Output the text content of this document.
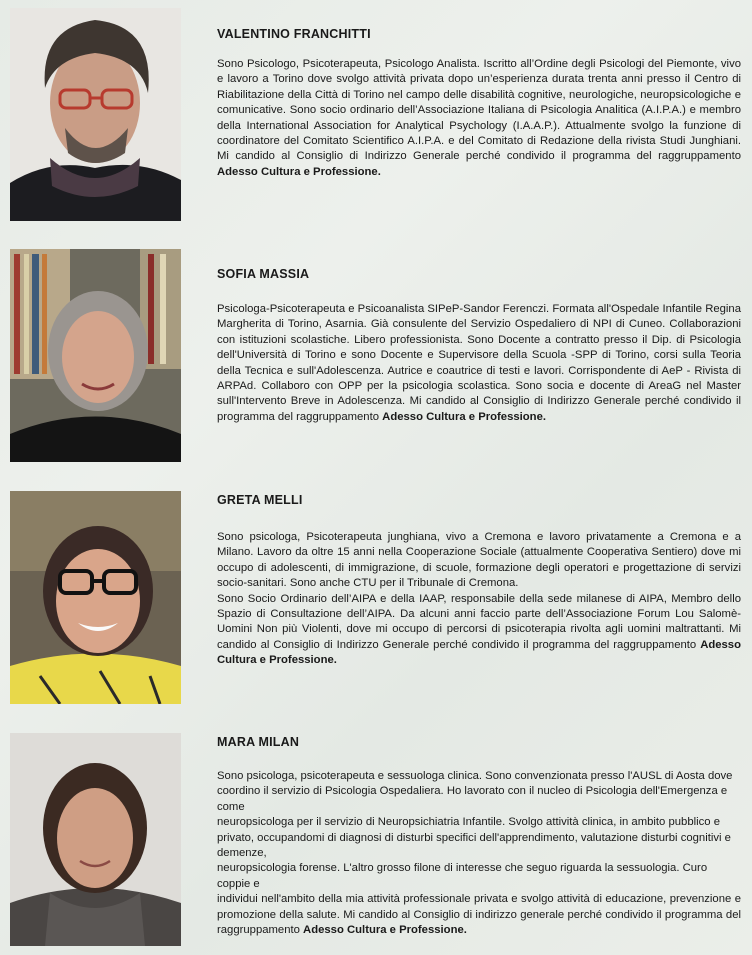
VALENTINO FRANCHITTI

Sono Psicologo, Psicoterapeuta, Psicologo Analista. Iscritto all’Ordine degli Psicologi del Piemonte, vivo e lavoro a Torino dove svolgo attività privata dopo un’esperienza durata trenta anni presso il Centro di Riabilitazione della Città di Torino nel campo delle disabilità cognitive, neurologiche, neuropsicologiche e comunicative. Sono socio ordinario dell’Associazione Italiana di Psicologia Analitica (A.I.P.A.) e membro della International Association for Analytical Psychology (I.A.A.P.). Attualmente svolgo la funzione di coordinatore del Comitato Scientifico A.I.P.A. e del Comitato di Redazione della rivista Studi Junghiani. Mi candido al Consiglio di Indirizzo Generale perché condivido il programma del raggruppamento Adesso Cultura e Professione.

SOFIA MASSIA

Psicologa-Psicoterapeuta e Psicoanalista SIPeP-Sandor Ferenczi. Formata all'Ospedale Infantile Regina Margherita di Torino, Asarnia. Già consulente del Servizio Ospedaliero di NPI di Cuneo. Collaborazioni con istituzioni scolastiche. Libero professionista. Sono Docente a contratto presso il Dip. di Psicologia dell'Università di Torino e sono Docente e Supervisore della Scuola -SPP di Torino, corsi sulla Teoria della Tecnica e sull'Adolescenza. Autrice e coautrice di testi e lavori. Corrispondente di AeP - Rivista di ARPAd. Collaboro con OPP per la psicologia scolastica. Sono socia e docente di AreaG nel Master sull'Intervento Breve in Adolescenza. Mi candido al Consiglio di Indirizzo Generale perché condivido il programma del raggruppamento Adesso Cultura e Professione.

GRETA MELLI

Sono psicologa, Psicoterapeuta junghiana, vivo a Cremona e lavoro privatamente a Cremona e a Milano. Lavoro da oltre 15 anni nella Cooperazione Sociale (attualmente Cooperativa Sentiero) dove mi occupo di adolescenti, di immigrazione, di scuole, formazione degli operatori e progettazione di servizi socio-sanitari. Sono anche CTU per il Tribunale di Cremona.

Sono Socio Ordinario dell’AIPA e della IAAP, responsabile della sede milanese di AIPA, Membro dello Spazio di Consultazione dell’AIPA. Da alcuni anni faccio parte dell’Associazione Forum Lou Salomè-Uomini Non più Violenti, dove mi occupo di percorsi di psicoterapia rivolta agli uomini maltrattanti. Mi candido al Consiglio di Indirizzo Generale perché condivido il programma del raggruppamento Adesso Cultura e Professione.

MARA MILAN

Sono psicologa, psicoterapeuta e sessuologa clinica. Sono convenzionata presso l'AUSL di Aosta dove coordino il servizio di Psicologia Ospedaliera. Ho lavorato con il nucleo di Psicologia dell'Emergenza e come

neuropsicologa per il servizio di Neuropsichiatria Infantile. Svolgo attività clinica, in ambito pubblico e privato, occupandomi di diagnosi di disturbi specifici dell'apprendimento, valutazione disturbi cognitivi e demenze,

neuropsicologia forense. L'altro grosso filone di interesse che seguo riguarda la sessuologia. Curo coppie e

individui nell'ambito della mia attività professionale privata e svolgo attività di educazione, prevenzione e promozione della salute. Mi candido al Consiglio di indirizzo generale perché condivido il programma del raggruppamento Adesso Cultura e Professione.
